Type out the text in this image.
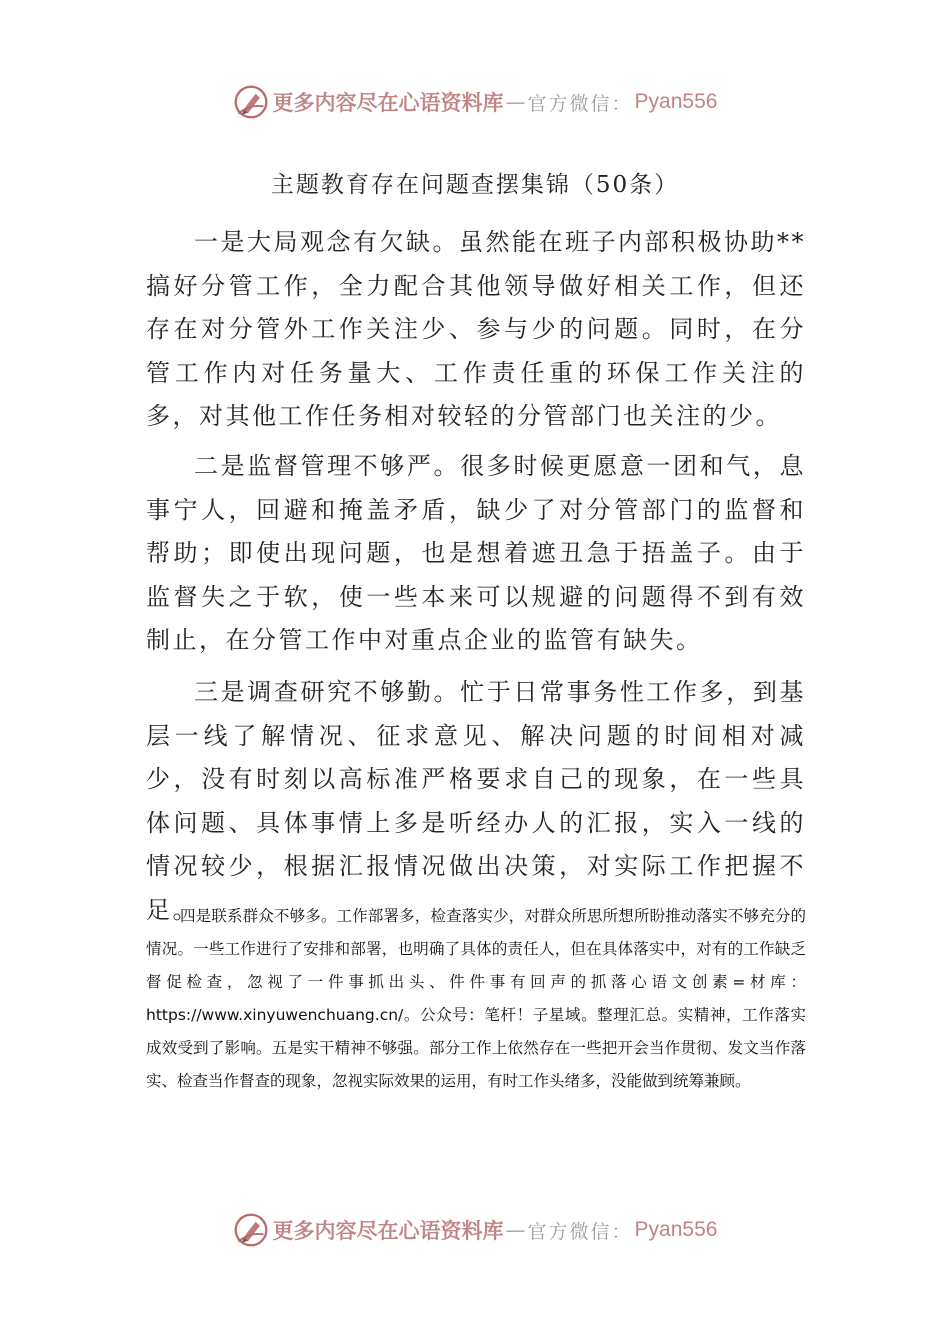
更多内容尽在心语资料库 — 官方微信： Pyan556
主题教育存在问题查摆集锦（50条）

一是大局观念有欠缺。虽然能在班子内部积极协助**搞好分管工作，全力配合其他领导做好相关工作，但还存在对分管外工作关注少、参与少的问题。同时，在分管工作内对任务量大、工作责任重的环保工作关注的多，对其他工作任务相对较轻的分管部门也关注的少。

二是监督管理不够严。很多时候更愿意一团和气，息事宁人，回避和掩盖矛盾，缺少了对分管部门的监督和帮助；即使出现问题，也是想着遮丑急于捂盖子。由于监督失之于软，使一些本来可以规避的问题得不到有效制止，在分管工作中对重点企业的监管有缺失。

三是调查研究不够勤。忙于日常事务性工作多，到基层一线了解情况、征求意见、解决问题的时间相对减少，没有时刻以高标准严格要求自己的现象，在一些具体问题、具体事情上多是听经办人的汇报，实入一线的情况较少，根据汇报情况做出决策，对实际工作把握不足。

四是联系群众不够多。工作部署多，检查落实少，对群众所思所想所盼推动落实不够充分的情况。一些工作进行了安排和部署，也明确了具体的责任人，但在具体落实中，对有的工作缺乏督促检查，忽视了一件事抓出头、件件事有回声的抓落心语文创素=材库：https://www.xinyuwenchuang.cn/。公众号：笔杆！子星域。整理汇总。实精神，工作落实成效受到了影响。五是实干精神不够强。部分工作上依然存在一些把开会当作贯彻、发文当作落实、检查当作督查的现象，忽视实际效果的运用，有时工作头绪多，没能做到统筹兼顾。

更多内容尽在心语资料库 — 官方微信： Pyan556
